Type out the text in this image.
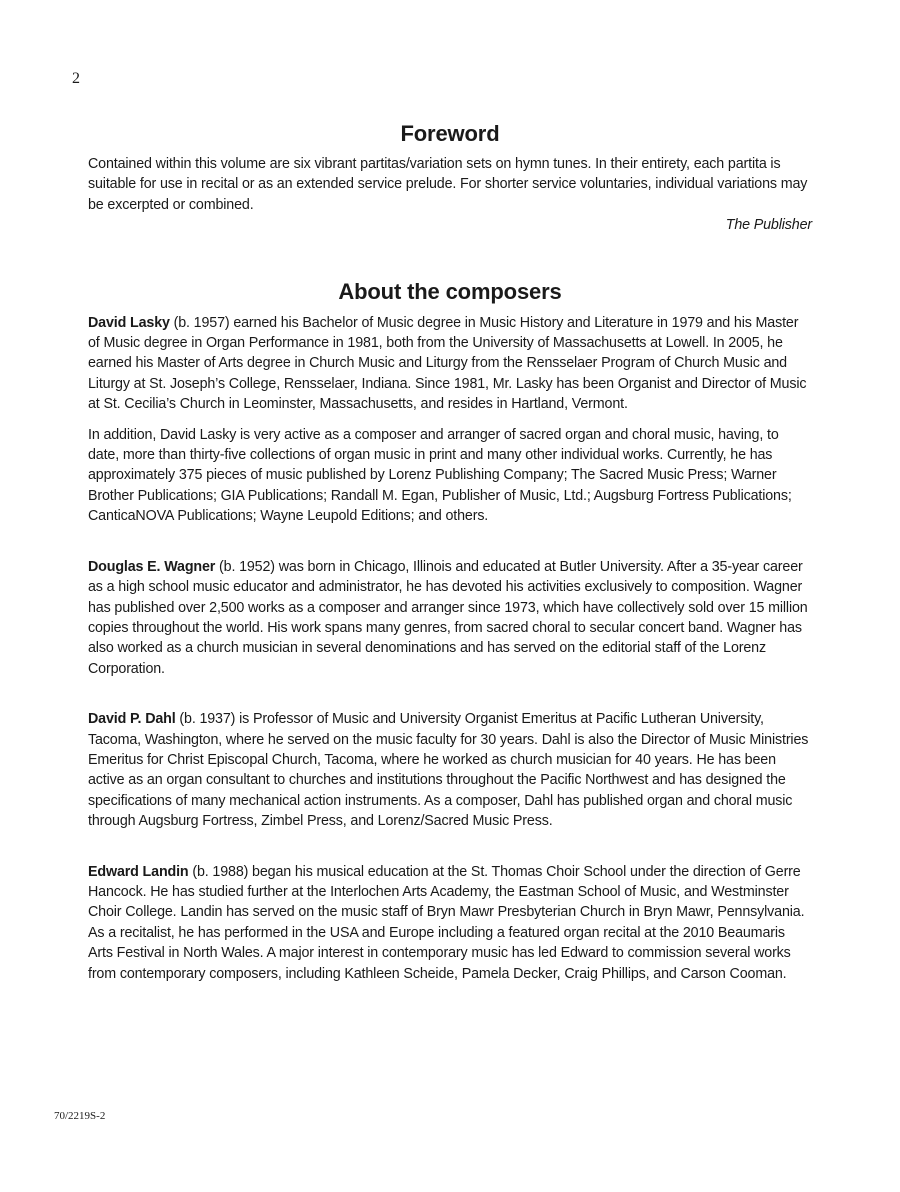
2
Foreword

Contained within this volume are six vibrant partitas/variation sets on hymn tunes. In their entirety, each partita is suitable for use in recital or as an extended service prelude. For shorter service voluntaries, individual variations may be excerpted or combined.

The Publisher

About the composers

David Lasky (b. 1957) earned his Bachelor of Music degree in Music History and Literature in 1979 and his Master of Music degree in Organ Performance in 1981, both from the University of Massachusetts at Lowell. In 2005, he earned his Master of Arts degree in Church Music and Liturgy from the Rensselaer Program of Church Music and Liturgy at St. Joseph’s College, Rensselaer, Indiana. Since 1981, Mr. Lasky has been Organist and Director of Music at St. Cecilia’s Church in Leominster, Massachusetts, and resides in Hartland, Vermont.

In addition, David Lasky is very active as a composer and arranger of sacred organ and choral music, having, to date, more than thirty-five collections of organ music in print and many other individual works. Currently, he has approximately 375 pieces of music published by Lorenz Publishing Company; The Sacred Music Press; Warner Brother Publications; GIA Publications; Randall M. Egan, Publisher of Music, Ltd.; Augsburg Fortress Publications; CanticaNOVA Publications; Wayne Leupold Editions; and others.

Douglas E. Wagner (b. 1952) was born in Chicago, Illinois and educated at Butler University. After a 35-year career as a high school music educator and administrator, he has devoted his activities exclusively to composition. Wagner has published over 2,500 works as a composer and arranger since 1973, which have collectively sold over 15 million copies throughout the world. His work spans many genres, from sacred choral to secular concert band. Wagner has also worked as a church musician in several denominations and has served on the editorial staff of the Lorenz Corporation.

David P. Dahl (b. 1937) is Professor of Music and University Organist Emeritus at Pacific Lutheran University, Tacoma, Washington, where he served on the music faculty for 30 years. Dahl is also the Director of Music Ministries Emeritus for Christ Episcopal Church, Tacoma, where he worked as church musician for 40 years. He has been active as an organ consultant to churches and institutions throughout the Pacific Northwest and has designed the specifications of many mechanical action instruments. As a composer, Dahl has published organ and choral music through Augsburg Fortress, Zimbel Press, and Lorenz/Sacred Music Press.

Edward Landin (b. 1988) began his musical education at the St. Thomas Choir School under the direction of Gerre Hancock. He has studied further at the Interlochen Arts Academy, the Eastman School of Music, and Westminster Choir College. Landin has served on the music staff of Bryn Mawr Presbyterian Church in Bryn Mawr, Pennsylvania. As a recitalist, he has performed in the USA and Europe including a featured organ recital at the 2010 Beaumaris Arts Festival in North Wales. A major interest in contemporary music has led Edward to commission several works from contemporary composers, including Kathleen Scheide, Pamela Decker, Craig Phillips, and Carson Cooman.

70/2219S-2
